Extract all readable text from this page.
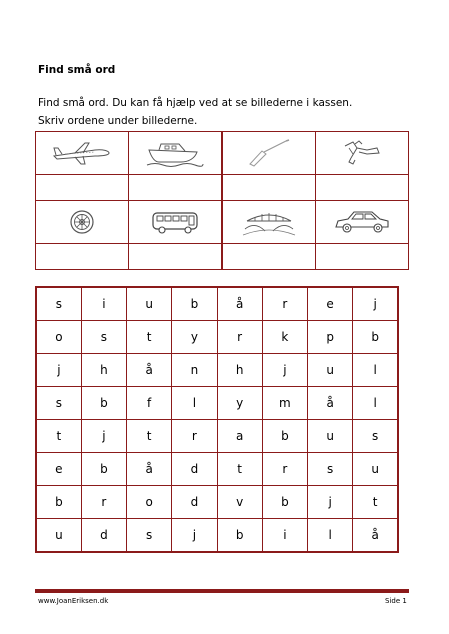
Find små ord
Find små ord. Du kan få hjælp ved at se billederne i kassen.
Skriv ordene under billederne.

s	i	u	b	å	r	e	j
o	s	t	y	r	k	p	b
j	h	å	n	h	j	u	l
s	b	f	l	y	m	å	l
t	j	t	r	a	b	u	s
e	b	å	d	t	r	s	u
b	r	o	d	v	b	j	t
u	d	s	j	b	i	l	å
www.JoanEriksen.dk	Side 1
